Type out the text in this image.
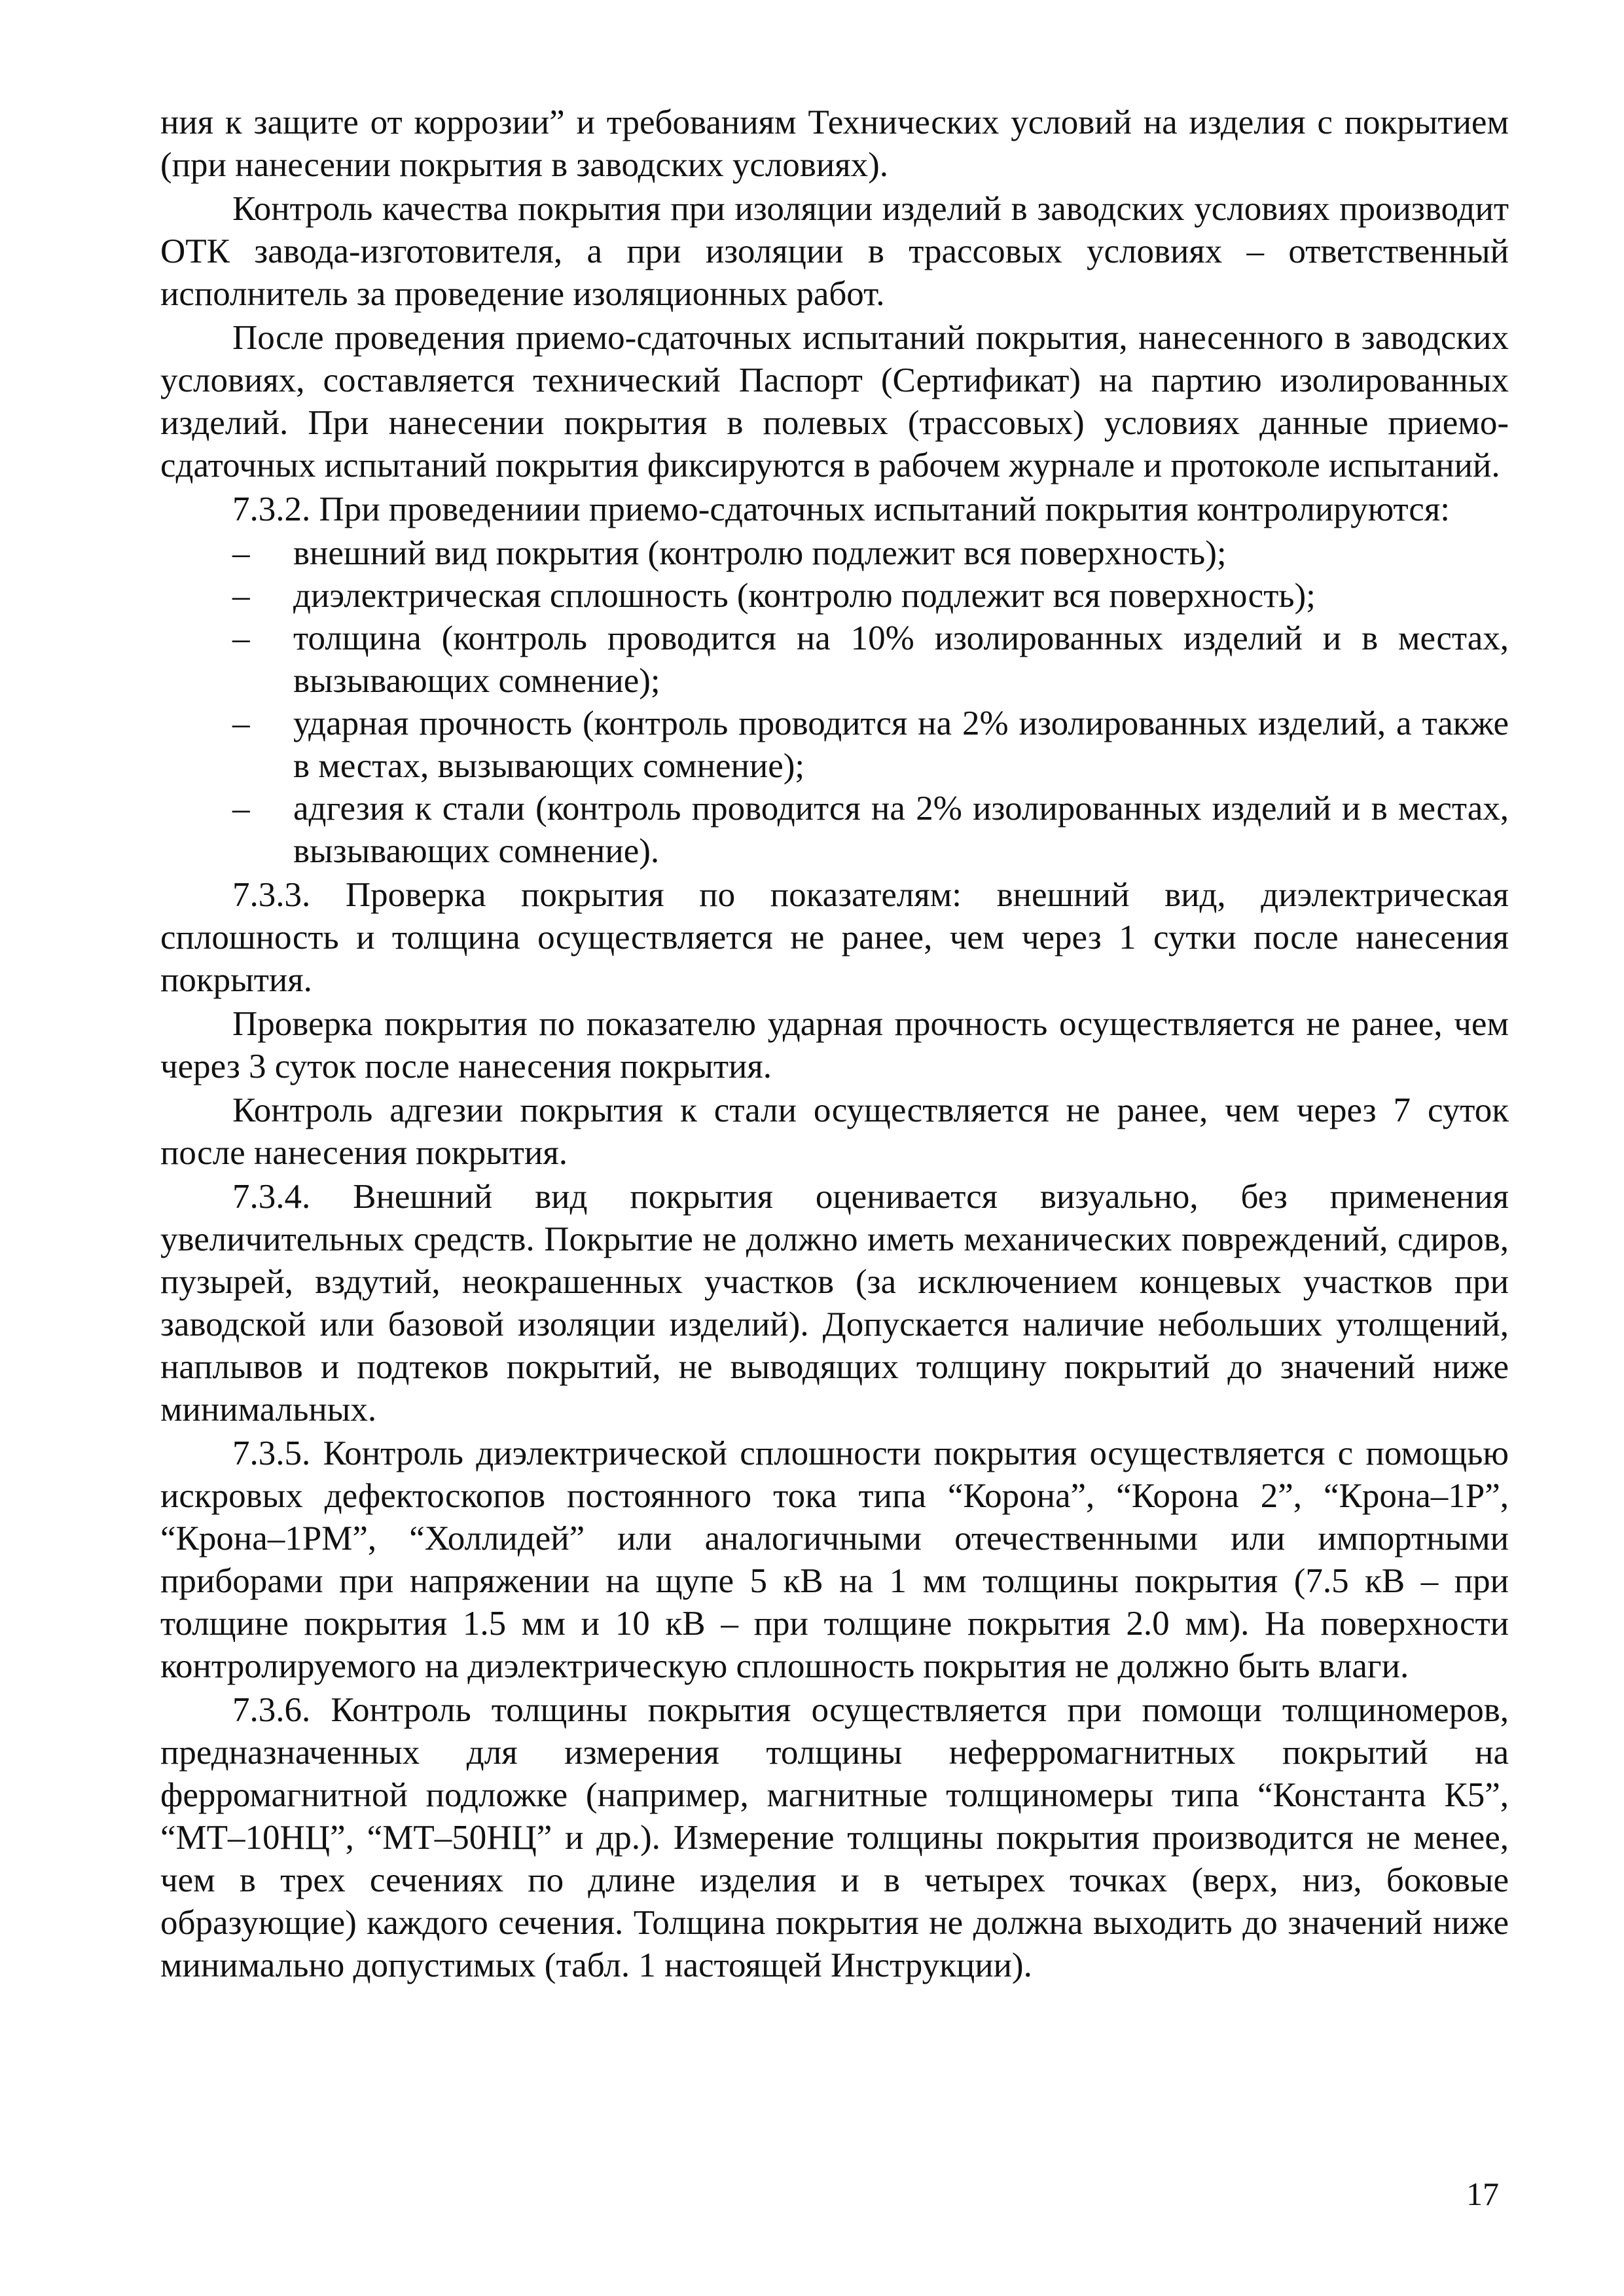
ния к защите от коррозии” и требованиям Технических условий на изделия с покрытием (при нанесении покрытия в заводских условиях).

Контроль качества покрытия при изоляции изделий в заводских условиях производит ОТК завода-изготовителя, а при изоляции в трассовых условиях – ответственный исполнитель за проведение изоляционных работ.

После проведения приемо-сдаточных испытаний покрытия, нанесенного в заводских условиях, составляется технический Паспорт (Сертификат) на партию изолированных изделий. При нанесении покрытия в полевых (трассовых) условиях данные приемо-сдаточных испытаний покрытия фиксируются в рабочем журнале и протоколе испытаний.

7.3.2. При проведениии приемо-сдаточных испытаний покрытия контролируются:

– внешний вид покрытия (контролю подлежит вся поверхность);
– диэлектрическая сплошность (контролю подлежит вся поверхность);
– толщина (контроль проводится на 10% изолированных изделий и в местах, вызывающих сомнение);
– ударная прочность (контроль проводится на 2% изолированных изделий, а также в местах, вызывающих сомнение);
– адгезия к стали (контроль проводится на 2% изолированных изделий и в местах, вызывающих сомнение).

7.3.3. Проверка покрытия по показателям: внешний вид, диэлектрическая сплошность и толщина осуществляется не ранее, чем через 1 сутки после нанесения покрытия.

Проверка покрытия по показателю ударная прочность осуществляется не ранее, чем через 3 суток после нанесения покрытия.

Контроль адгезии покрытия к стали осуществляется не ранее, чем через 7 суток после нанесения покрытия.

7.3.4. Внешний вид покрытия оценивается визуально, без применения увеличительных средств. Покрытие не должно иметь механических повреждений, сдиров, пузырей, вздутий, неокрашенных участков (за исключением концевых участков при заводской или базовой изоляции изделий). Допускается наличие небольших утолщений, наплывов и подтеков покрытий, не выводящих толщину покрытий до значений ниже минимальных.

7.3.5. Контроль диэлектрической сплошности покрытия осуществляется с помощью искровых дефектоскопов постоянного тока типа “Корона”, “Корона 2”, “Крона–1Р”, “Крона–1РМ”, “Холлидей” или аналогичными отечественными или импортными приборами при напряжении на щупе 5 кВ на 1 мм толщины покрытия (7.5 кВ – при толщине покрытия 1.5 мм и 10 кВ – при толщине покрытия 2.0 мм). На поверхности контролируемого на диэлектрическую сплошность покрытия не должно быть влаги.

7.3.6. Контроль толщины покрытия осуществляется при помощи толщиномеров, предназначенных для измерения толщины неферромагнитных покрытий на ферромагнитной подложке (например, магнитные толщиномеры типа “Константа К5”, “МТ–10НЦ”, “МТ–50НЦ” и др.). Измерение толщины покрытия производится не менее, чем в трех сечениях по длине изделия и в четырех точках (верх, низ, боковые образующие) каждого сечения. Толщина покрытия не должна выходить до значений ниже минимально допустимых (табл. 1 настоящей Инструкции).

17
